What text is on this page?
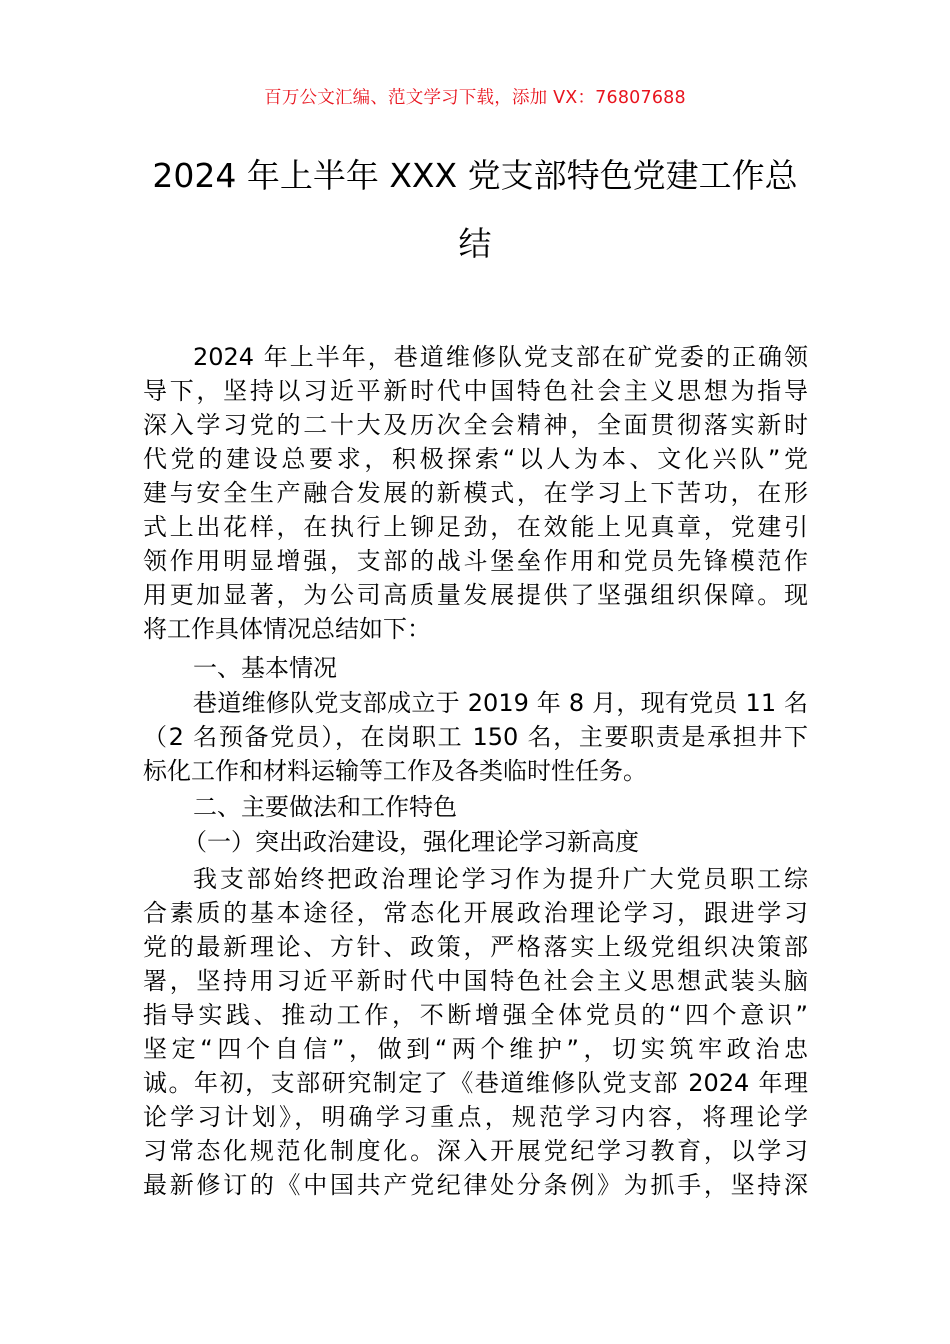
百万公文汇编、范文学习下载，添加 VX：76807688
2024 年上半年 XXX 党支部特色党建工作总
结
2024 年上半年，巷道维修队党支部在矿党委的正确领
导下，坚持以习近平新时代中国特色社会主义思想为指导
深入学习党的二十大及历次全会精神，全面贯彻落实新时
代党的建设总要求，积极探索“以人为本、文化兴队”党
建与安全生产融合发展的新模式，在学习上下苦功，在形
式上出花样，在执行上铆足劲，在效能上见真章，党建引
领作用明显增强，支部的战斗堡垒作用和党员先锋模范作
用更加显著，为公司高质量发展提供了坚强组织保障。现
将工作具体情况总结如下：
一、基本情况
巷道维修队党支部成立于 2019 年 8 月，现有党员 11 名
（2 名预备党员），在岗职工 150 名，主要职责是承担井下
标化工作和材料运输等工作及各类临时性任务。
二、主要做法和工作特色
（一）突出政治建设，强化理论学习新高度
我支部始终把政治理论学习作为提升广大党员职工综
合素质的基本途径，常态化开展政治理论学习，跟进学习
党的最新理论、方针、政策，严格落实上级党组织决策部
署，坚持用习近平新时代中国特色社会主义思想武装头脑
指导实践、推动工作，不断增强全体党员的“四个意识”
坚定“四个自信”，做到“两个维护”，切实筑牢政治忠
诚。年初，支部研究制定了《巷道维修队党支部 2024 年理
论学习计划》，明确学习重点，规范学习内容，将理论学
习常态化规范化制度化。深入开展党纪学习教育，以学习
最新修订的《中国共产党纪律处分条例》为抓手，坚持深
